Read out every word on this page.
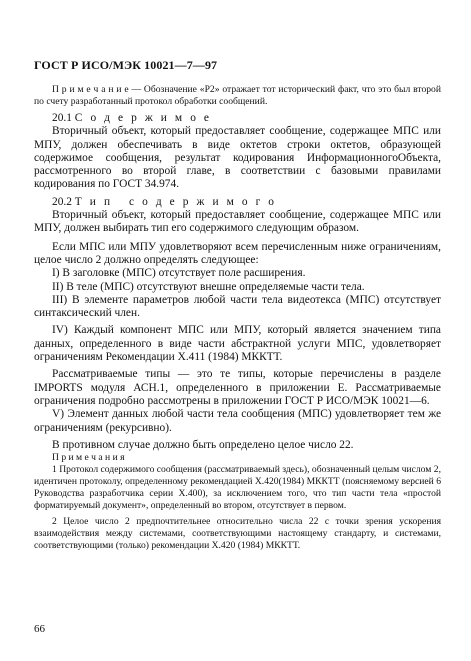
ГОСТ Р ИСО/МЭК 10021—7—97

П р и м е ч а н и е — Обозначение «Р2» отражает тот исторический факт, что это был второй по счету разработанный протокол обработки сообщений.

20.1 С о д е р ж и м о е

Вторичный объект, который предоставляет сообщение, содержащее МПС или МПУ, должен обеспечивать в виде октетов строки октетов, образующей содержимое сообщения, результат кодирования ИнформационногоОбъекта, рассмотренного во второй главе, в соответствии с базовыми правилами кодирования по ГОСТ 34.974.

20.2 Т и п   с о д е р ж и м о г о

Вторичный объект, который предоставляет сообщение, содержащее МПС или МПУ, должен выбирать тип его содержимого следующим образом.

Если МПС или МПУ удовлетворяют всем перечисленным ниже ограничениям, целое число 2 должно определять следующее:

I) В заголовке (МПС) отсутствует поле расширения.

II) В теле (МПС) отсутствуют внешне определяемые части тела.

III) В элементе параметров любой части тела видеотекса (МПС) отсутствует синтаксический член.

IV) Каждый компонент МПС или МПУ, который является значением типа данных, определенного в виде части абстрактной услуги МПС, удовлетворяет ограничениям Рекомендации X.411 (1984) МККТТ.

Рассматриваемые типы — это те типы, которые перечислены в разделе IMPORTS модуля АСН.1, определенного в приложении Е. Рассматриваемые ограничения подробно рассмотрены в приложении ГОСТ Р ИСО/МЭК 10021—6.

V) Элемент данных любой части тела сообщения (МПС) удовлетворяет тем же ограничениям (рекурсивно).

В противном случае должно быть определено целое число 22.

П р и м е ч а н и я

1 Протокол содержимого сообщения (рассматриваемый здесь), обозначенный целым числом 2, идентичен протоколу, определенному рекомендацией X.420(1984) МККТТ (поясняемому версией 6 Руководства разработчика серии X.400), за исключением того, что тип части тела «простой форматируемый документ», определенный во втором, отсутствует в первом.

2 Целое число 2 предпочтительнее относительно числа 22 с точки зрения ускорения взаимодействия между системами, соответствующими настоящему стандарту, и системами, соответствующими (только) рекомендации X.420 (1984) МККТТ.

66
